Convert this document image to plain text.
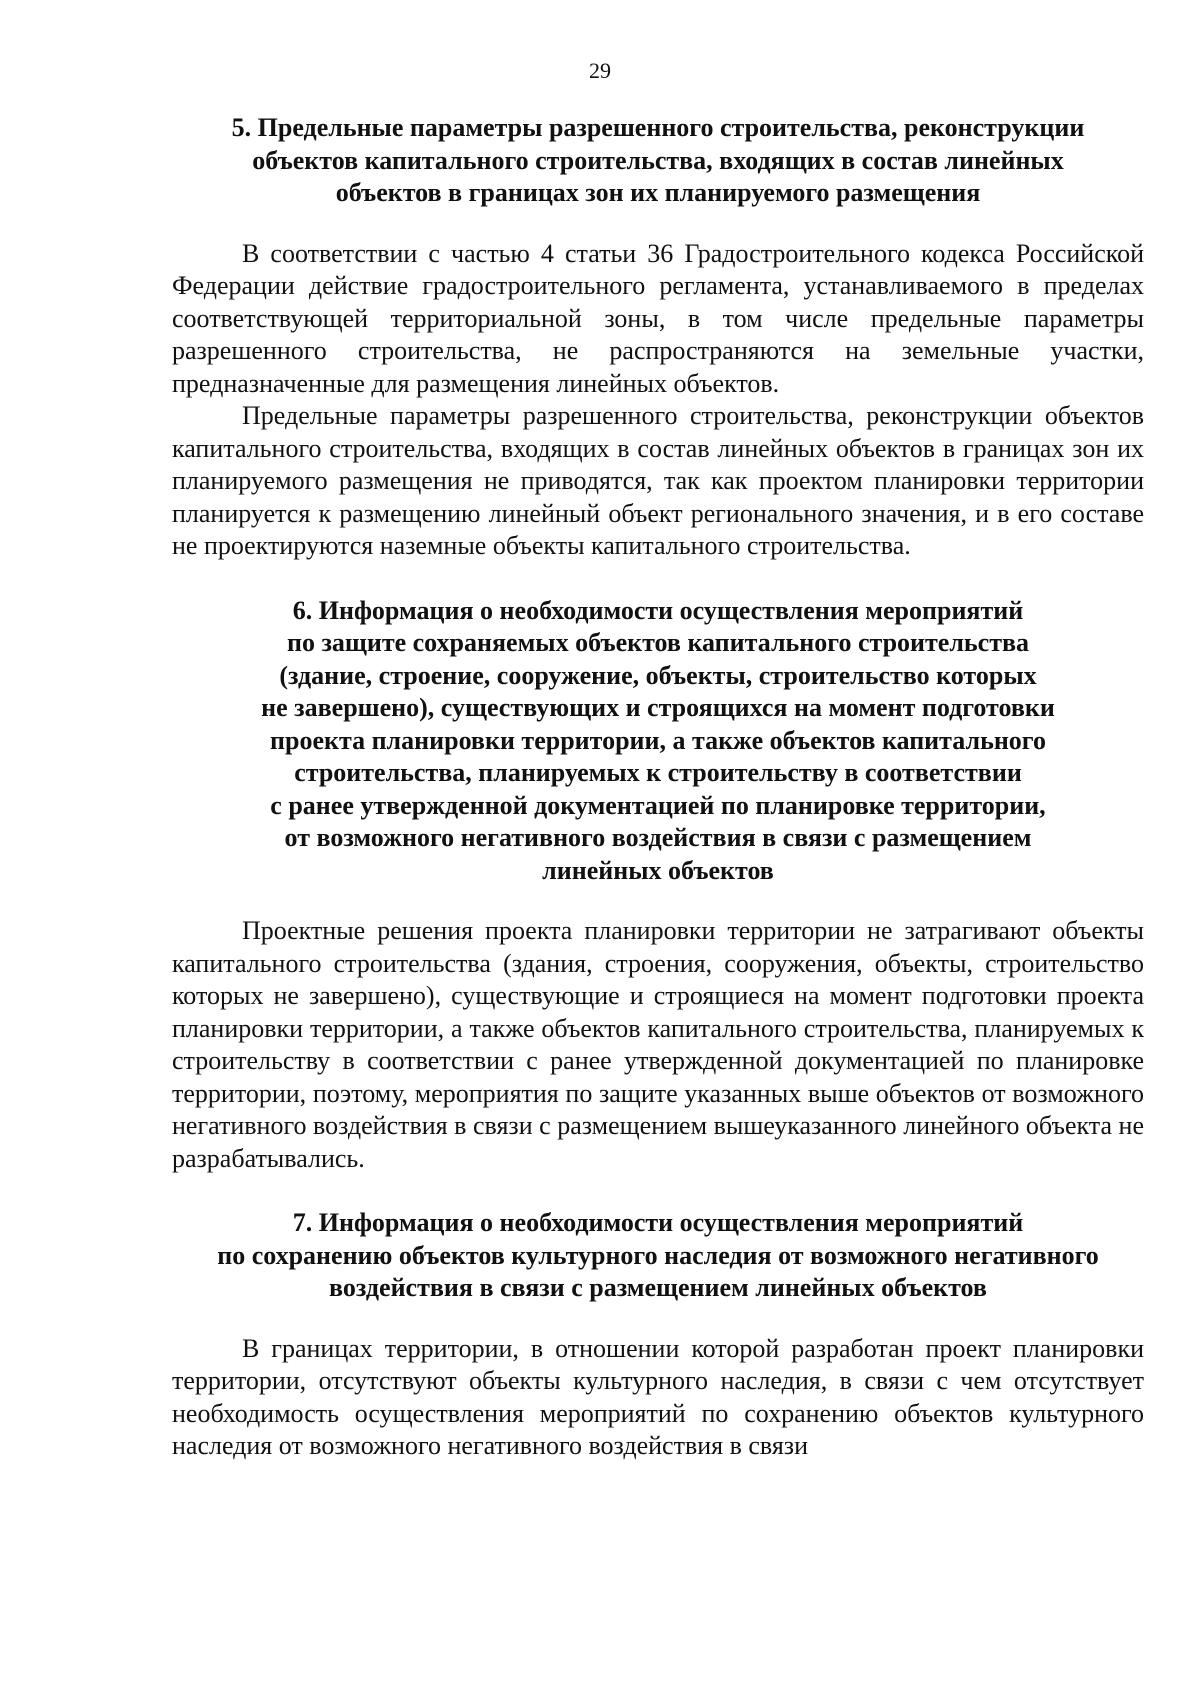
29
5. Предельные параметры разрешенного строительства, реконструкции
объектов капитального строительства, входящих в состав линейных
объектов в границах зон их планируемого размещения

В соответствии с частью 4 статьи 36 Градостроительного кодекса Российской Федерации действие градостроительного регламента, устанавливаемого в пределах соответствующей территориальной зоны, в том числе предельные параметры разрешенного строительства, не распространяются на земельные участки, предназначенные для размещения линейных объектов.

Предельные параметры разрешенного строительства, реконструкции объектов капитального строительства, входящих в состав линейных объектов в границах зон их планируемого размещения не приводятся, так как проектом планировки территории планируется к размещению линейный объект регионального значения, и в его составе не проектируются наземные объекты капитального строительства.

6. Информация о необходимости осуществления мероприятий
по защите сохраняемых объектов капитального строительства
(здание, строение, сооружение, объекты, строительство которых
не завершено), существующих и строящихся на момент подготовки
проекта планировки территории, а также объектов капитального
строительства, планируемых к строительству в соответствии
с ранее утвержденной документацией по планировке территории,
от возможного негативного воздействия в связи с размещением
линейных объектов

Проектные решения проекта планировки территории не затрагивают объекты капитального строительства (здания, строения, сооружения, объекты, строительство которых не завершено), существующие и строящиеся на момент подготовки проекта планировки территории, а также объектов капитального строительства, планируемых к строительству в соответствии с ранее утвержденной документацией по планировке территории, поэтому, мероприятия по защите указанных выше объектов от возможного негативного воздействия в связи с размещением вышеуказанного линейного объекта не разрабатывались.

7. Информация о необходимости осуществления мероприятий
по сохранению объектов культурного наследия от возможного негативного
воздействия в связи с размещением линейных объектов

В границах территории, в отношении которой разработан проект планировки территории, отсутствуют объекты культурного наследия, в связи с чем отсутствует необходимость осуществления мероприятий по сохранению объектов культурного наследия от возможного негативного воздействия в связи
